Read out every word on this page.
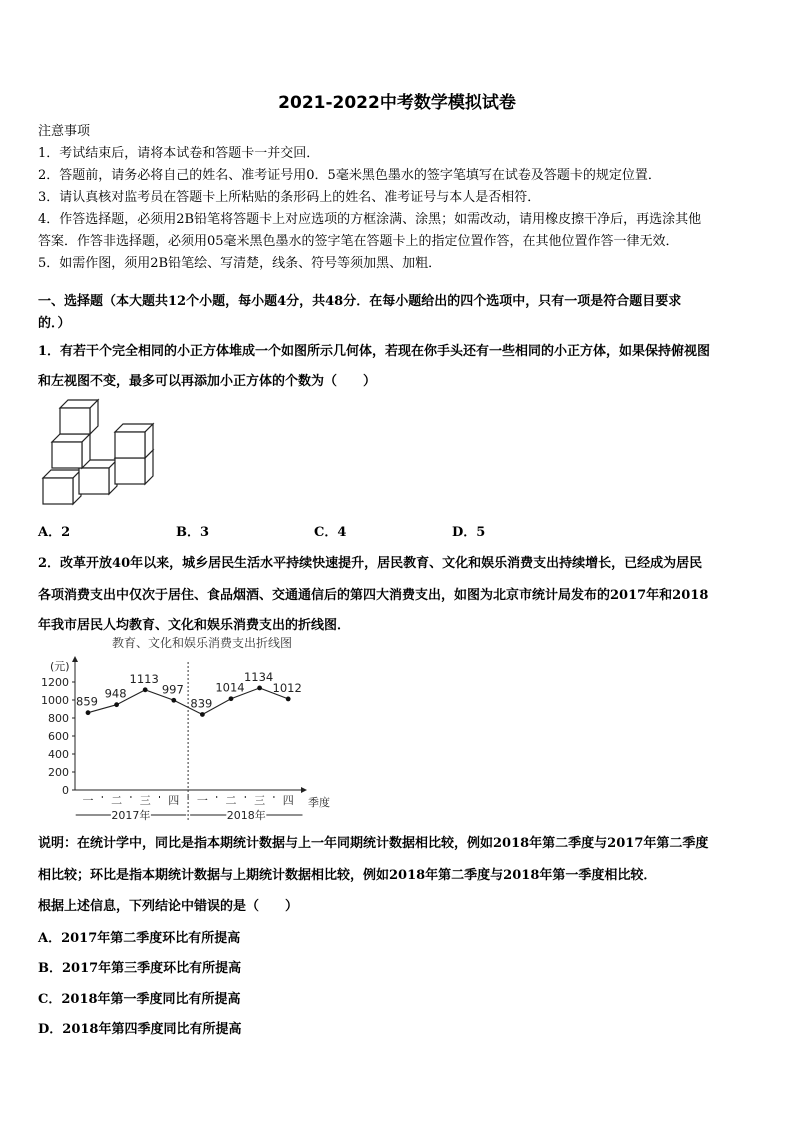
2021-2022中考数学模拟试卷
注意事项
1．考试结束后，请将本试卷和答题卡一并交回．
2．答题前，请务必将自己的姓名、准考证号用0．5毫米黑色墨水的签字笔填写在试卷及答题卡的规定位置．
3．请认真核对监考员在答题卡上所粘贴的条形码上的姓名、准考证号与本人是否相符．
4．作答选择题，必须用2B铅笔将答题卡上对应选项的方框涂满、涂黑；如需改动，请用橡皮擦干净后，再选涂其他
答案．作答非选择题，必须用05毫米黑色墨水的签字笔在答题卡上的指定位置作答，在其他位置作答一律无效．
5．如需作图，须用2B铅笔绘、写清楚，线条、符号等须加黑、加粗．
一、选择题（本大题共12个小题，每小题4分，共48分．在每小题给出的四个选项中，只有一项是符合题目要求
的．）
1．有若干个完全相同的小正方体堆成一个如图所示几何体，若现在你手头还有一些相同的小正方体，如果保持俯视图
和左视图不变，最多可以再添加小正方体的个数为（　　）
A．2	B．3	C．4	D．5
2．改革开放40年以来，城乡居民生活水平持续快速提升，居民教育、文化和娱乐消费支出持续增长，已经成为居民
各项消费支出中仅次于居住、食品烟酒、交通通信后的第四大消费支出，如图为北京市统计局发布的2017年和2018
年我市居民人均教育、文化和娱乐消费支出的折线图．
教育、文化和娱乐消费支出折线图
(元)
季度
0
200
400
600
800
1000
1200
一 二 三 四 一 二 三 四
859
948
1113
997
839
1014
1134
1012
2017年	2018年
说明：在统计学中，同比是指本期统计数据与上一年同期统计数据相比较，例如2018年第二季度与2017年第二季度
相比较；环比是指本期统计数据与上期统计数据相比较，例如2018年第二季度与2018年第一季度相比较．
根据上述信息，下列结论中错误的是（　　）
A．2017年第二季度环比有所提高
B．2017年第三季度环比有所提高
C．2018年第一季度同比有所提高
D．2018年第四季度同比有所提高
